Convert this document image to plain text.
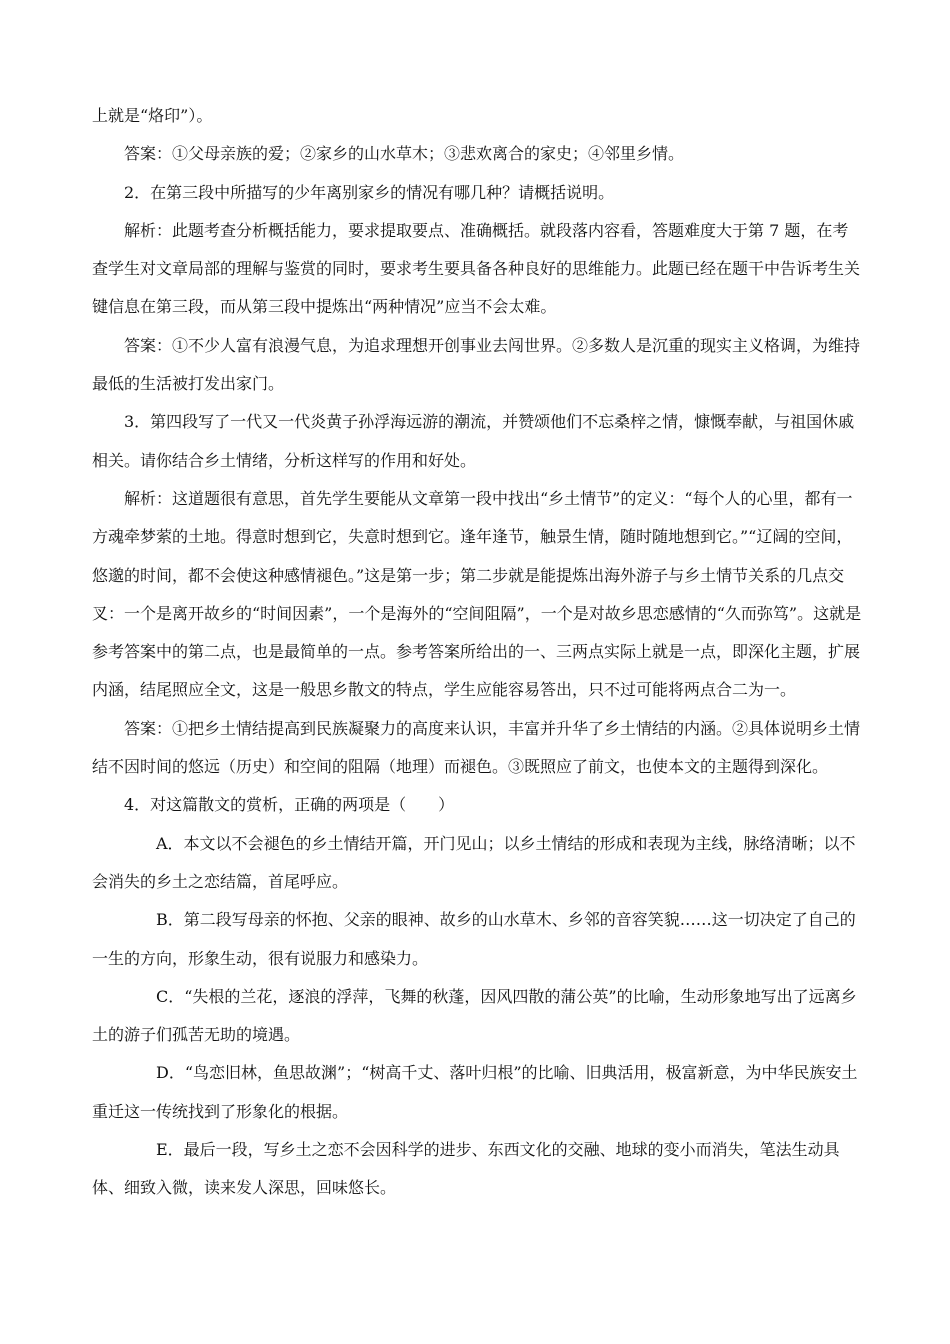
上就是“烙印”）。

答案：①父母亲族的爱；②家乡的山水草木；③悲欢离合的家史；④邻里乡情。

2．在第三段中所描写的少年离别家乡的情况有哪几种？请概括说明。

解析：此题考查分析概括能力，要求提取要点、准确概括。就段落内容看，答题难度大于第 7 题，在考查学生对文章局部的理解与鉴赏的同时，要求考生要具备各种良好的思维能力。此题已经在题干中告诉考生关键信息在第三段，而从第三段中提炼出“两种情况”应当不会太难。

答案：①不少人富有浪漫气息，为追求理想开创事业去闯世界。②多数人是沉重的现实主义格调，为维持最低的生活被打发出家门。

3．第四段写了一代又一代炎黄子孙浮海远游的潮流，并赞颂他们不忘桑梓之情，慷慨奉献，与祖国休戚相关。请你结合乡土情绪，分析这样写的作用和好处。

解析：这道题很有意思，首先学生要能从文章第一段中找出“乡土情节”的定义：“每个人的心里，都有一方魂牵梦萦的土地。得意时想到它，失意时想到它。逢年逢节，触景生情，随时随地想到它。”“辽阔的空间，悠邈的时间，都不会使这种感情褪色。”这是第一步；第二步就是能提炼出海外游子与乡土情节关系的几点交叉：一个是离开故乡的“时间因素”，一个是海外的“空间阻隔”，一个是对故乡思恋感情的“久而弥笃”。这就是参考答案中的第二点，也是最简单的一点。参考答案所给出的一、三两点实际上就是一点，即深化主题，扩展内涵，结尾照应全文，这是一般思乡散文的特点，学生应能容易答出，只不过可能将两点合二为一。

答案：①把乡土情结提高到民族凝聚力的高度来认识，丰富并升华了乡土情结的内涵。②具体说明乡土情结不因时间的悠远（历史）和空间的阻隔（地理）而褪色。③既照应了前文，也使本文的主题得到深化。

4．对这篇散文的赏析，正确的两项是（　　）

A．本文以不会褪色的乡土情结开篇，开门见山；以乡土情结的形成和表现为主线，脉络清晰；以不会消失的乡土之恋结篇，首尾呼应。

B．第二段写母亲的怀抱、父亲的眼神、故乡的山水草木、乡邻的音容笑貌……这一切决定了自己的一生的方向，形象生动，很有说服力和感染力。

C．“失根的兰花，逐浪的浮萍，飞舞的秋蓬，因风四散的蒲公英”的比喻，生动形象地写出了远离乡土的游子们孤苦无助的境遇。

D．“鸟恋旧林，鱼思故渊”；“树高千丈、落叶归根”的比喻、旧典活用，极富新意，为中华民族安土重迁这一传统找到了形象化的根据。

E．最后一段，写乡土之恋不会因科学的进步、东西文化的交融、地球的变小而消失，笔法生动具体、细致入微，读来发人深思，回味悠长。
